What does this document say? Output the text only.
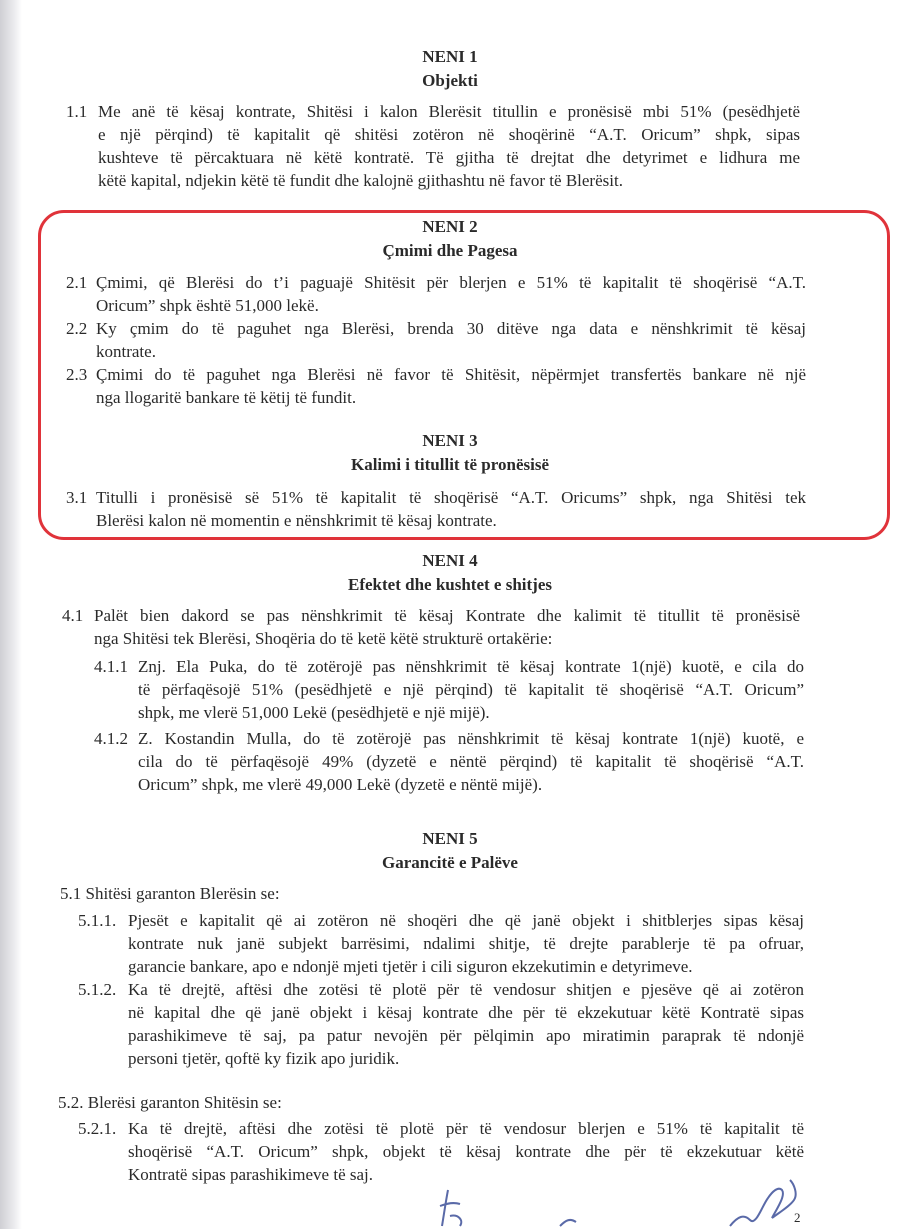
NENI 1
Objekti
1.1 Me anë të kësaj kontrate, Shitësi i kalon Blerësit titullin e pronësisë mbi 51% (pesëdhjetë
e një përqind) të kapitalit që shitësi zotëron në shoqërinë “A.T. Oricum” shpk, sipas
kushteve të përcaktuara në këtë kontratë. Të gjitha të drejtat dhe detyrimet e lidhura me
këtë kapital, ndjekin këtë të fundit dhe kalojnë gjithashtu në favor të Blerësit.
NENI 2
Çmimi dhe Pagesa
2.1 Çmimi, që Blerësi do t’i paguajë Shitësit për blerjen e 51% të kapitalit të shoqërisë “A.T.
Oricum” shpk është 51,000 lekë.
2.2 Ky çmim do të paguhet nga Blerësi, brenda 30 ditëve nga data e nënshkrimit të kësaj
kontrate.
2.3 Çmimi do të paguhet nga Blerësi në favor të Shitësit, nëpërmjet transfertës bankare në një
nga llogaritë bankare të këtij të fundit.
NENI 3
Kalimi i titullit të pronësisë
3.1 Titulli i pronësisë së 51% të kapitalit të shoqërisë “A.T. Oricums” shpk, nga Shitësi tek
Blerësi kalon në momentin e nënshkrimit të kësaj kontrate.
NENI 4
Efektet dhe kushtet e shitjes
4.1 Palët bien dakord se pas nënshkrimit të kësaj Kontrate dhe kalimit të titullit të pronësisë
nga Shitësi tek Blerësi, Shoqëria do të ketë këtë strukturë ortakërie:
4.1.1 Znj. Ela Puka, do të zotërojë pas nënshkrimit të kësaj kontrate 1(një) kuotë, e cila do
të përfaqësojë 51% (pesëdhjetë e një përqind) të kapitalit të shoqërisë “A.T. Oricum”
shpk, me vlerë 51,000 Lekë (pesëdhjetë e një mijë).
4.1.2 Z. Kostandin Mulla, do të zotërojë pas nënshkrimit të kësaj kontrate 1(një) kuotë, e
cila do të përfaqësojë 49% (dyzetë e nëntë përqind) të kapitalit të shoqërisë “A.T.
Oricum” shpk, me vlerë 49,000 Lekë (dyzetë e nëntë mijë).
NENI 5
Garancitë e Palëve
5.1 Shitësi garanton Blerësin se:
5.1.1. Pjesët e kapitalit që ai zotëron në shoqëri dhe që janë objekt i shitblerjes sipas kësaj
kontrate nuk janë subjekt barrësimi, ndalimi shitje, të drejte parablerje të pa ofruar,
garancie bankare, apo e ndonjë mjeti tjetër i cili siguron ekzekutimin e detyrimeve.
5.1.2. Ka të drejtë, aftësi dhe zotësi të plotë për të vendosur shitjen e pjesëve që ai zotëron
në kapital dhe që janë objekt i kësaj kontrate dhe për të ekzekutuar këtë Kontratë sipas
parashikimeve të saj, pa patur nevojën për pëlqimin apo miratimin paraprak të ndonjë
personi tjetër, qoftë ky fizik apo juridik.
5.2. Blerësi garanton Shitësin se:
5.2.1. Ka të drejtë, aftësi dhe zotësi të plotë për të vendosur blerjen e 51% të kapitalit të
shoqërisë “A.T. Oricum” shpk, objekt të kësaj kontrate dhe për të ekzekutuar këtë
Kontratë sipas parashikimeve të saj.
2
